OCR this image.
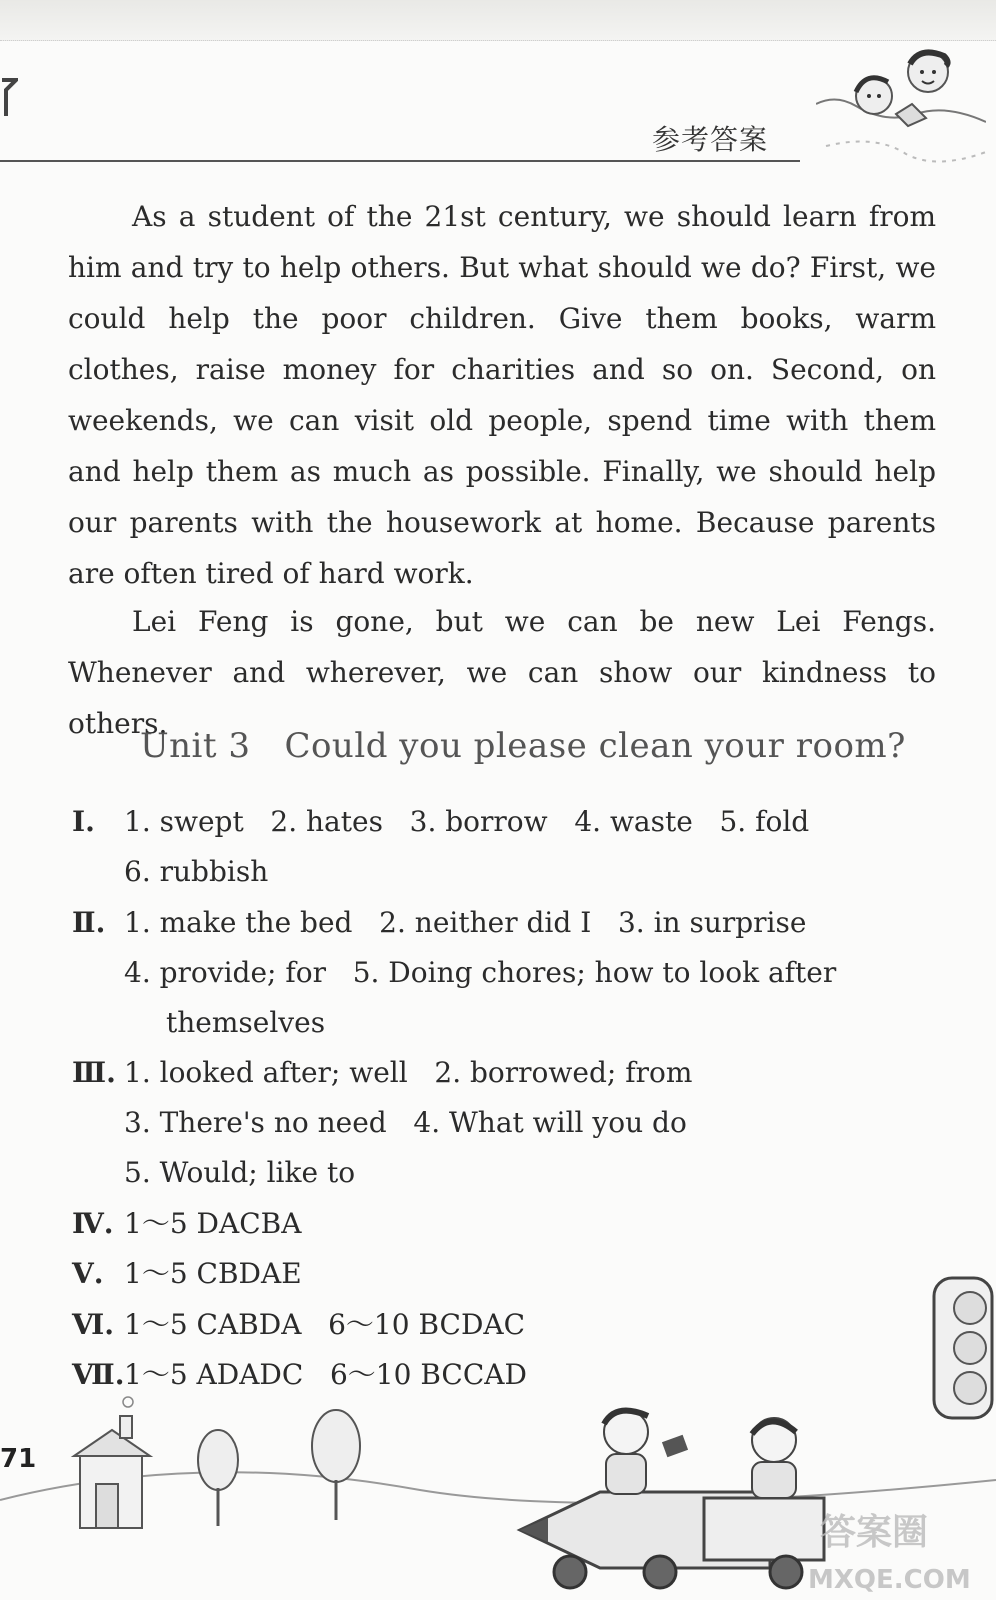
参考答案

As a student of the 21st century, we should learn from him and try to help others. But what should we do? First, we could help the poor children. Give them books, warm clothes, raise money for charities and so on. Second, on weekends, we can visit old people, spend time with them and help them as much as possible. Finally, we should help our parents with the housework at home. Because parents are often tired of hard work.

Lei Feng is gone, but we can be new Lei Fengs. Whenever and wherever, we can show our kindness to others.

Unit 3   Could you please clean your room?
Ⅰ. 1. swept   2. hates   3. borrow   4. waste   5. fold
6. rubbish
Ⅱ. 1. make the bed   2. neither did I   3. in surprise
4. provide; for   5. Doing chores; how to look after
themselves
Ⅲ. 1. looked after; well   2. borrowed; from
3. There's no need   4. What will you do
5. Would; like to
Ⅳ. 1～5 DACBA
Ⅴ. 1～5 CBDAE
Ⅵ. 1～5 CABDA   6～10 BCDAC
Ⅶ. 1～5 ADADC   6～10 BCCAD
71
答案圈
MXQE.COM
